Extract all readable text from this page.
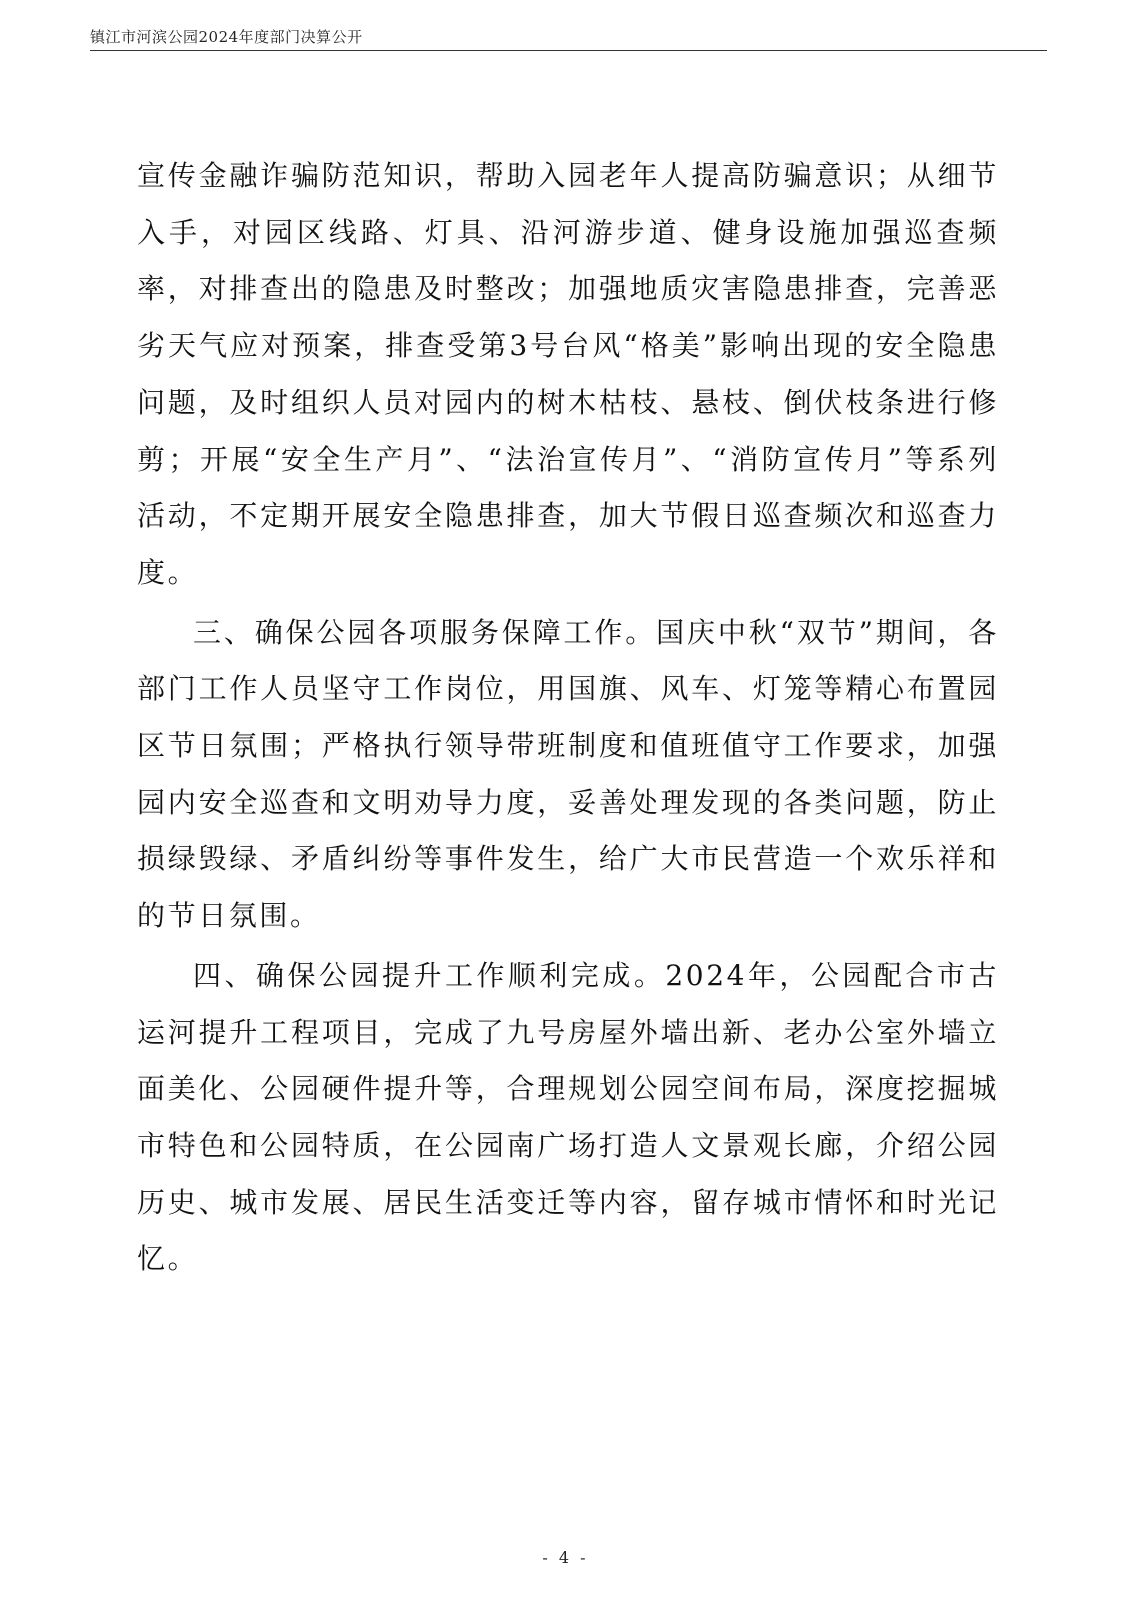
镇江市河滨公园2024年度部门决算公开

宣传金融诈骗防范知识，帮助入园老年人提高防骗意识；从细节入手，对园区线路、灯具、沿河游步道、健身设施加强巡查频率，对排查出的隐患及时整改；加强地质灾害隐患排查，完善恶劣天气应对预案，排查受第3号台风“格美”影响出现的安全隐患问题，及时组织人员对园内的树木枯枝、悬枝、倒伏枝条进行修剪；开展“安全生产月”、“法治宣传月”、“消防宣传月”等系列活动，不定期开展安全隐患排查，加大节假日巡查频次和巡查力度。

三、确保公园各项服务保障工作。国庆中秋“双节”期间，各部门工作人员坚守工作岗位，用国旗、风车、灯笼等精心布置园区节日氛围；严格执行领导带班制度和值班值守工作要求，加强园内安全巡查和文明劝导力度，妥善处理发现的各类问题，防止损绿毁绿、矛盾纠纷等事件发生，给广大市民营造一个欢乐祥和的节日氛围。

四、确保公园提升工作顺利完成。2024年，公园配合市古运河提升工程项目，完成了九号房屋外墙出新、老办公室外墙立面美化、公园硬件提升等，合理规划公园空间布局，深度挖掘城市特色和公园特质，在公园南广场打造人文景观长廊，介绍公园历史、城市发展、居民生活变迁等内容，留存城市情怀和时光记忆。

- 4 -
